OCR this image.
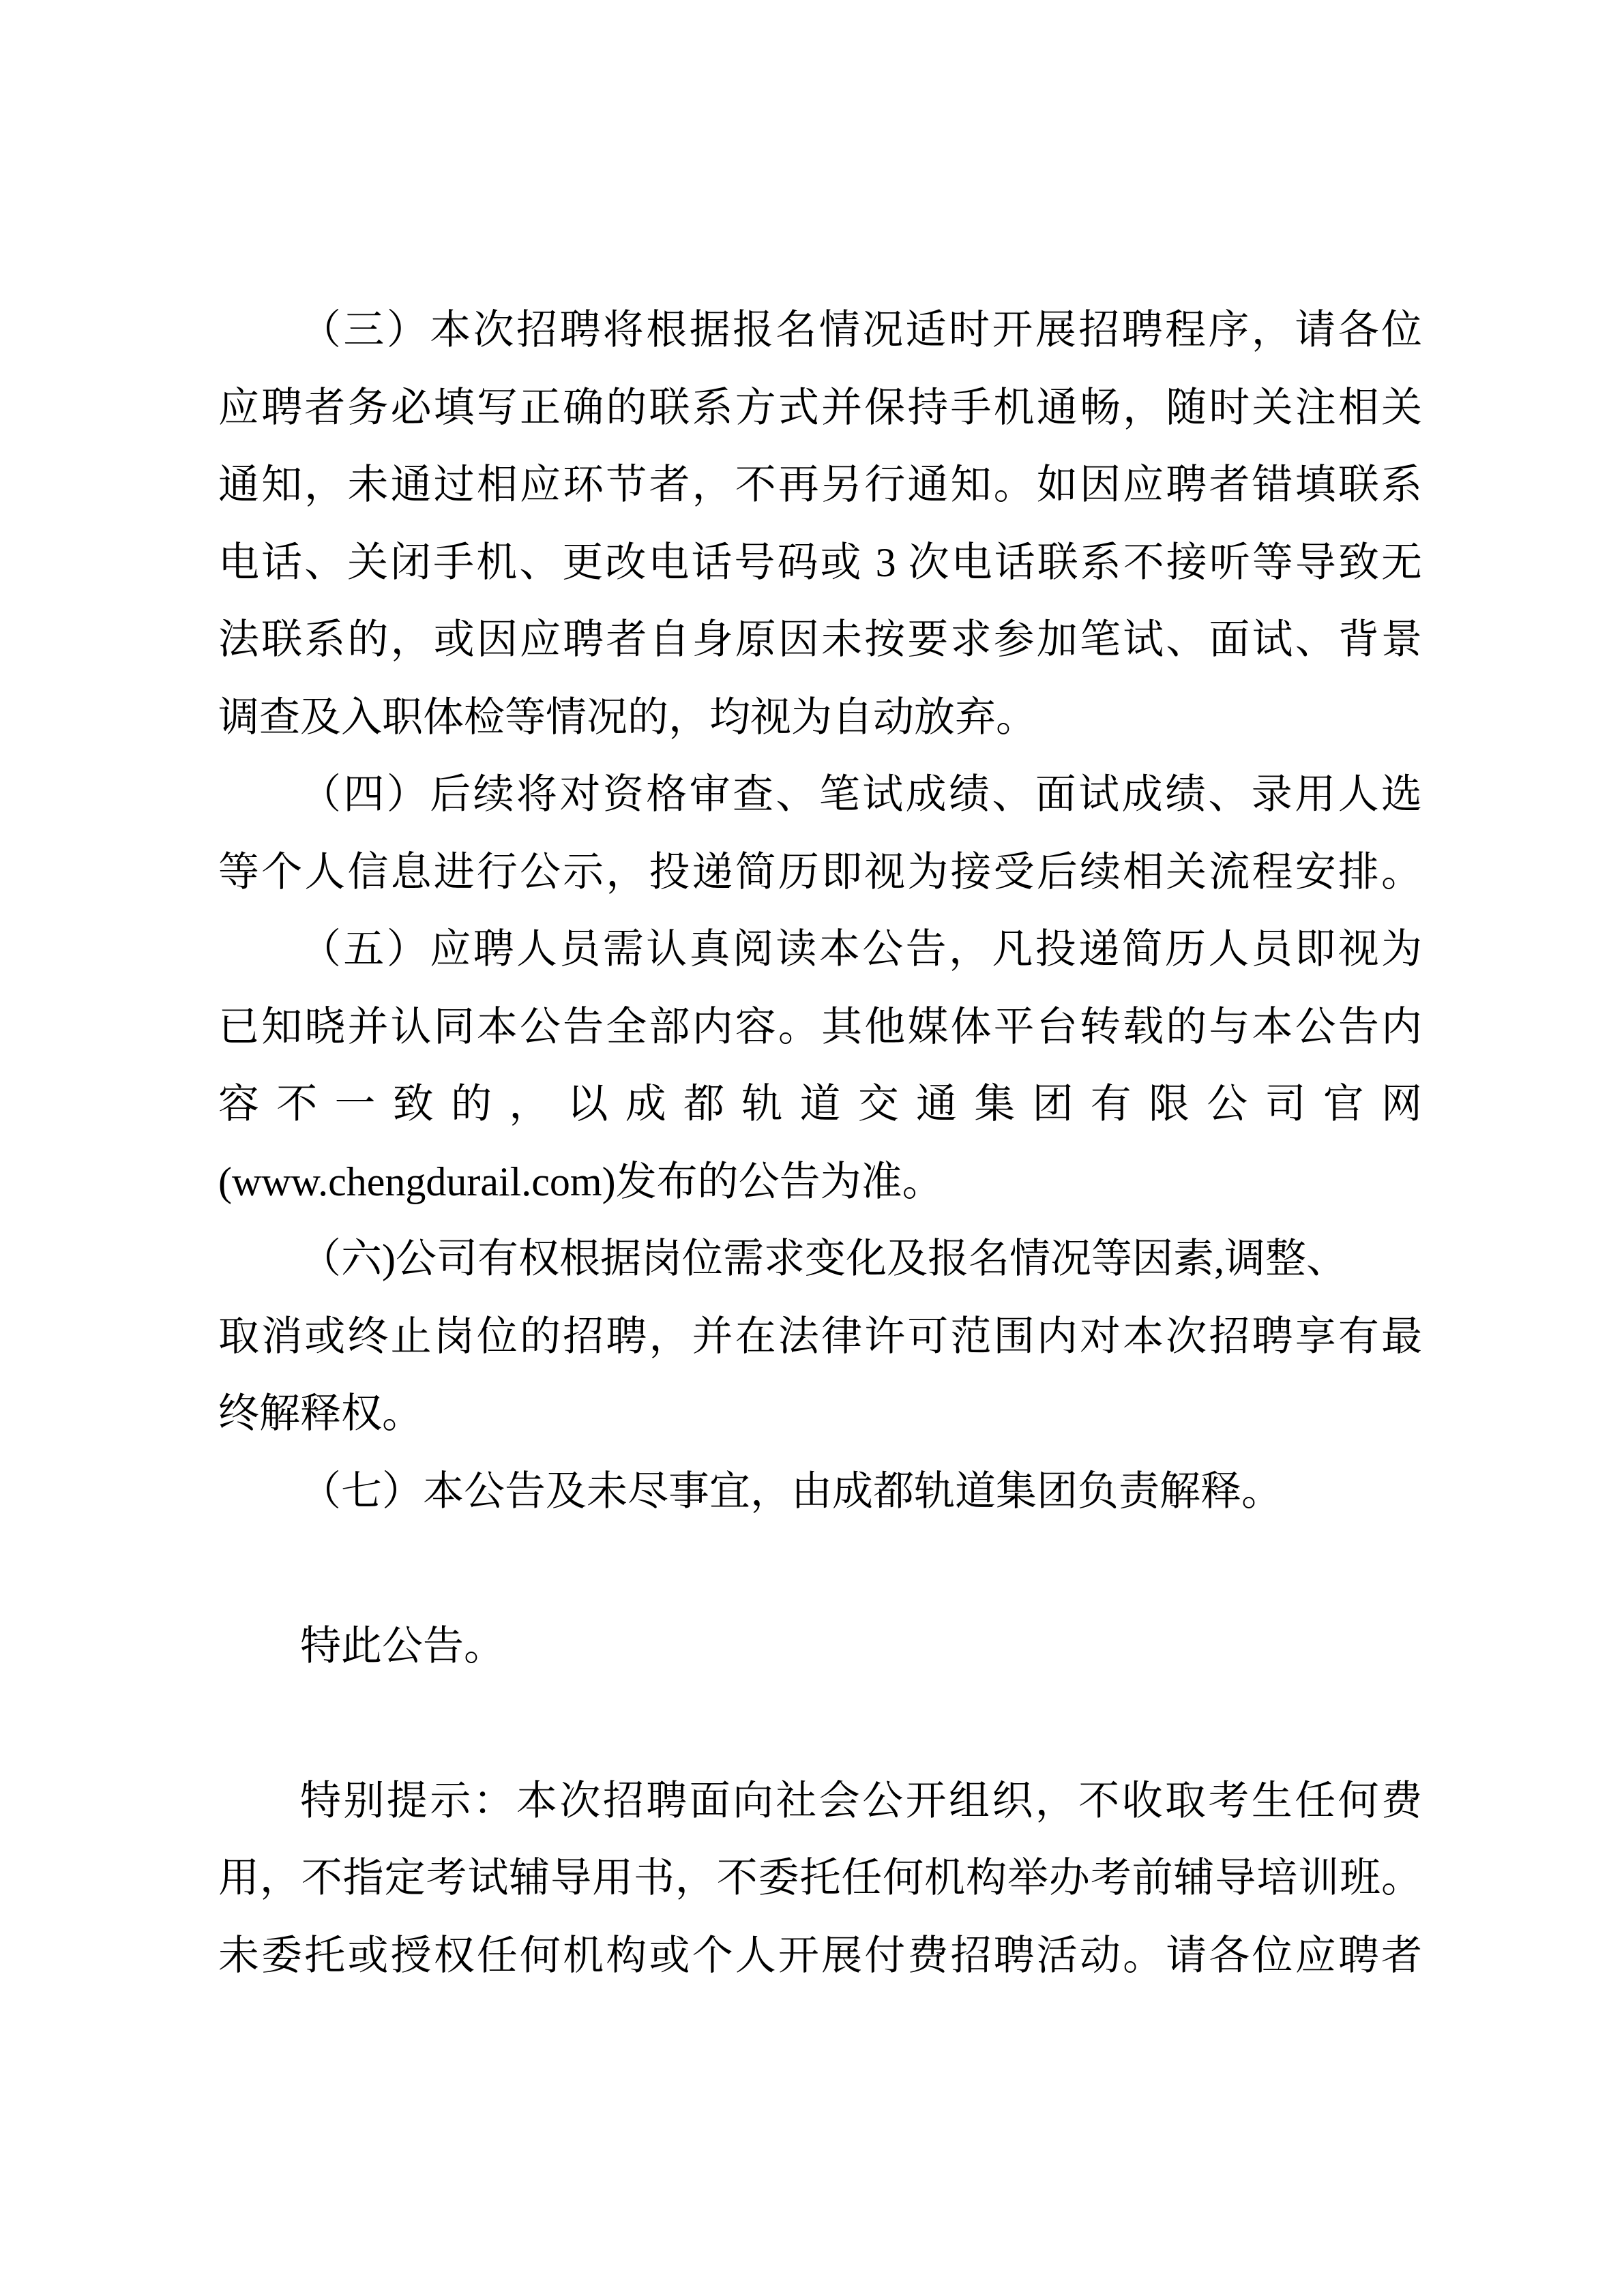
（三）本次招聘将根据报名情况适时开展招聘程序，请各位
应聘者务必填写正确的联系方式并保持手机通畅，随时关注相关
通知，未通过相应环节者，不再另行通知。如因应聘者错填联系
电话、关闭手机、更改电话号码或 3 次电话联系不接听等导致无
法联系的，或因应聘者自身原因未按要求参加笔试、面试、背景
调查及入职体检等情况的，均视为自动放弃。
（四）后续将对资格审查、笔试成绩、面试成绩、录用人选
等个人信息进行公示，投递简历即视为接受后续相关流程安排。
（五）应聘人员需认真阅读本公告，凡投递简历人员即视为
已知晓并认同本公告全部内容。其他媒体平台转载的与本公告内
容不一致的，以成都轨道交通集团有限公司官网
(www.chengdurail.com)发布的公告为准。
（六)公司有权根据岗位需求变化及报名情况等因素,调整、
取消或终止岗位的招聘，并在法律许可范围内对本次招聘享有最
终解释权。
（七）本公告及未尽事宜，由成都轨道集团负责解释。
特此公告。
特别提示：本次招聘面向社会公开组织，不收取考生任何费
用，不指定考试辅导用书，不委托任何机构举办考前辅导培训班。
未委托或授权任何机构或个人开展付费招聘活动。请各位应聘者
